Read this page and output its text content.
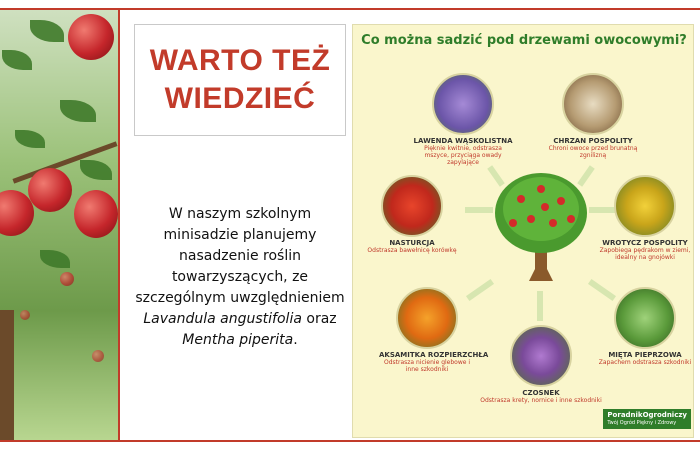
WARTO TEŻ
WIEDZIEĆ
W naszym szkolnym minisadzie planujemy nasadzenie roślin towarzyszących, ze szczególnym uwzględnieniem Lavandula angustifolia oraz Mentha piperita.
Co można sadzić pod drzewami owocowymi?
LAWENDA WĄSKOLISTNA
Pięknie kwitnie, odstrasza mszyce, przyciąga owady zapylające
CHRZAN POSPOLITY
Chroni owoce przed brunatną zgnilizną
NASTURCJA
Odstrasza bawełnicę korówkę
WROTYCZ POSPOLITY
Zapobiega pędrakom w ziemi, idealny na gnojówki
AKSAMITKA ROZPIERZCHŁA
Odstrasza nicienie glebowe i inne szkodniki
MIĘTA PIEPRZOWA
Zapachem odstrasza szkodniki
CZOSNEK
Odstrasza krety, nornice i inne szkodniki
PoradnikOgrodniczy
Twój Ogród Piękny i Zdrowy
